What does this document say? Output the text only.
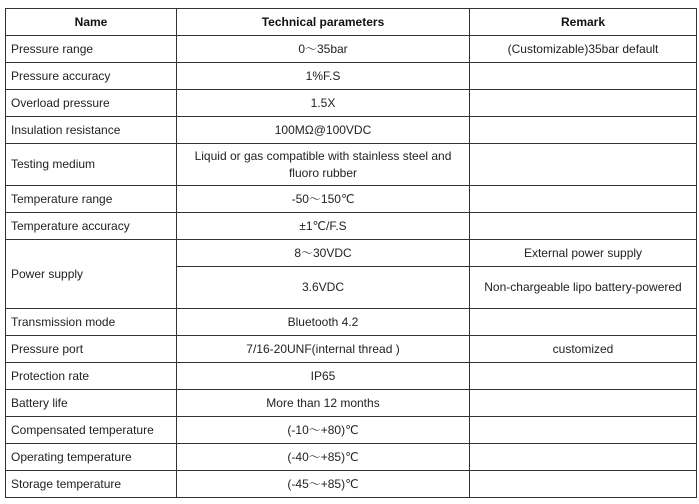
Name	Technical parameters	Remark
Pressure range	0～35bar	(Customizable)35bar default
Pressure accuracy	1%F.S	
Overload pressure	1.5X	
Insulation resistance	100MΩ@100VDC	
Testing medium	Liquid or gas compatible with stainless steel and fluoro rubber	
Temperature range	-50～150℃	
Temperature accuracy	±1℃/F.S	
Power supply	8～30VDC	External power supply
	3.6VDC	Non-chargeable lipo battery-powered
Transmission mode	Bluetooth 4.2	
Pressure port	7/16-20UNF(internal thread )	customized
Protection rate	IP65	
Battery life	More than 12 months	
Compensated temperature	(-10～+80)℃	
Operating temperature	(-40～+85)℃	
Storage temperature	(-45～+85)℃	
